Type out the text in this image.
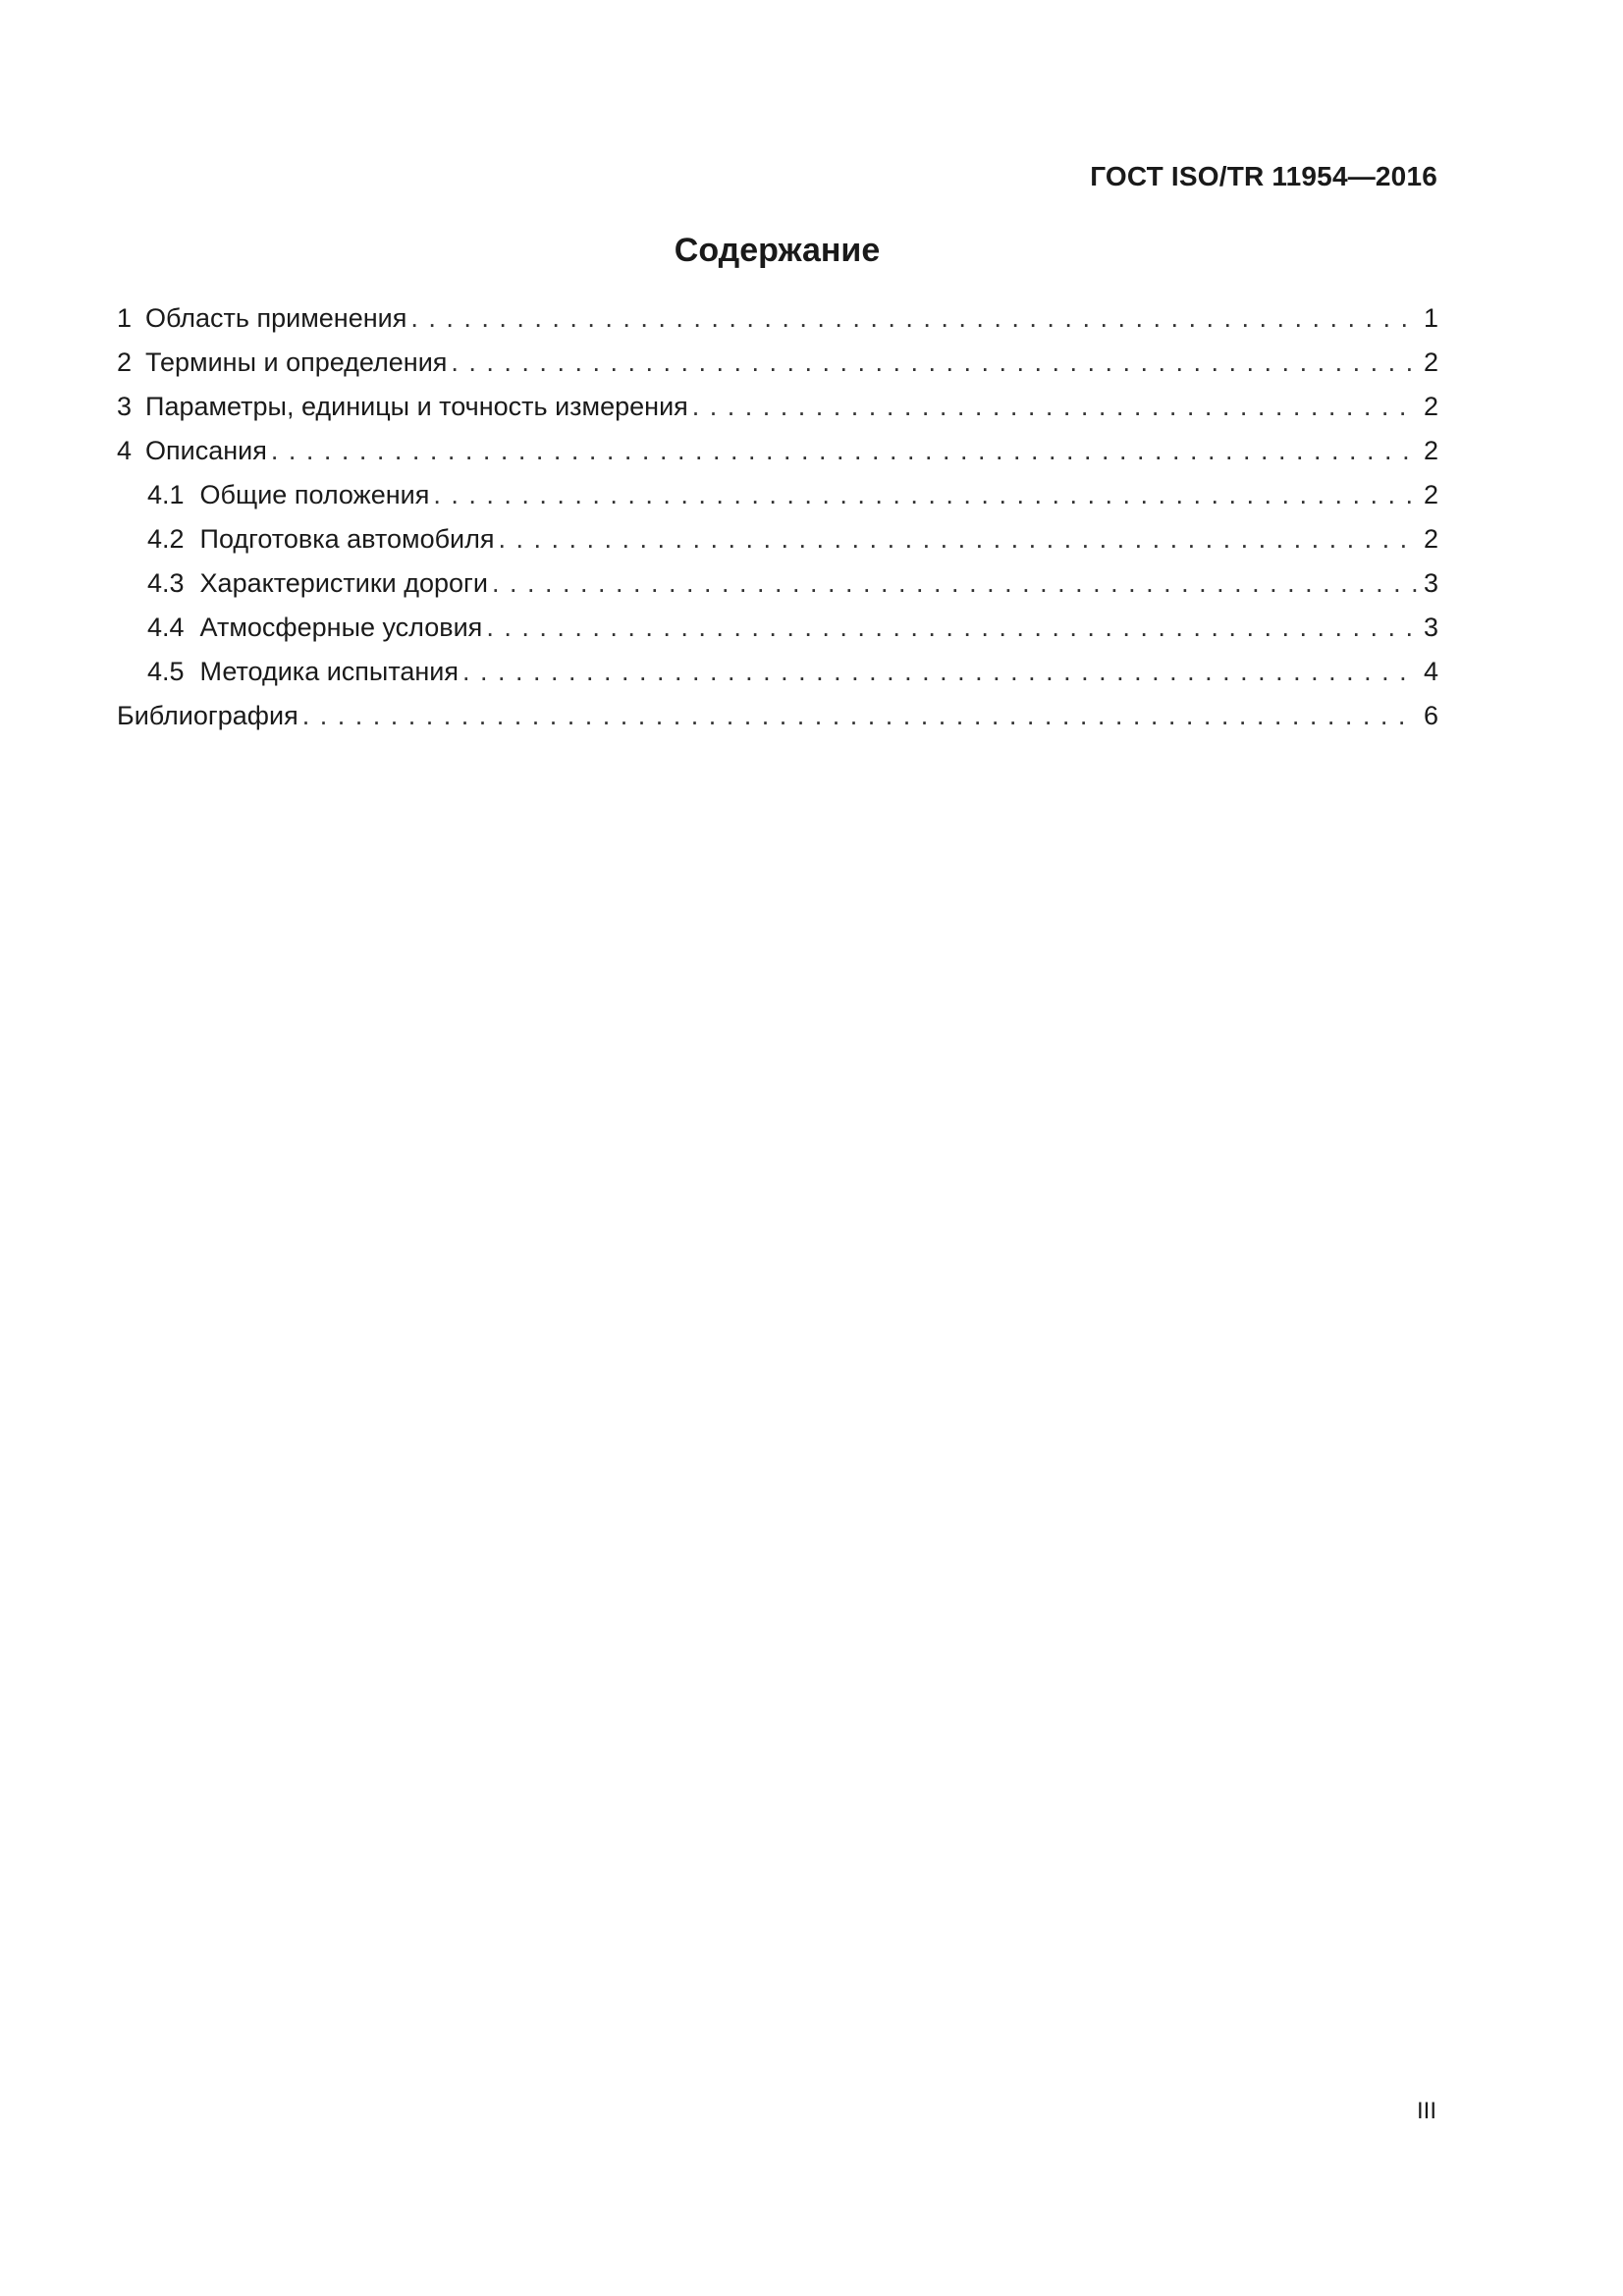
ГОСТ ISO/TR 11954—2016
Содержание
1 Область применения . . .	1
2 Термины и определения . . .	2
3 Параметры, единицы и точность измерения . . .	2
4 Описания . . .	2
4.1 Общие положения . . .	2
4.2 Подготовка автомобиля . . .	2
4.3 Характеристики дороги . . .	3
4.4 Атмосферные условия . . .	3
4.5 Методика испытания . . .	4
Библиография . . .	6
III
